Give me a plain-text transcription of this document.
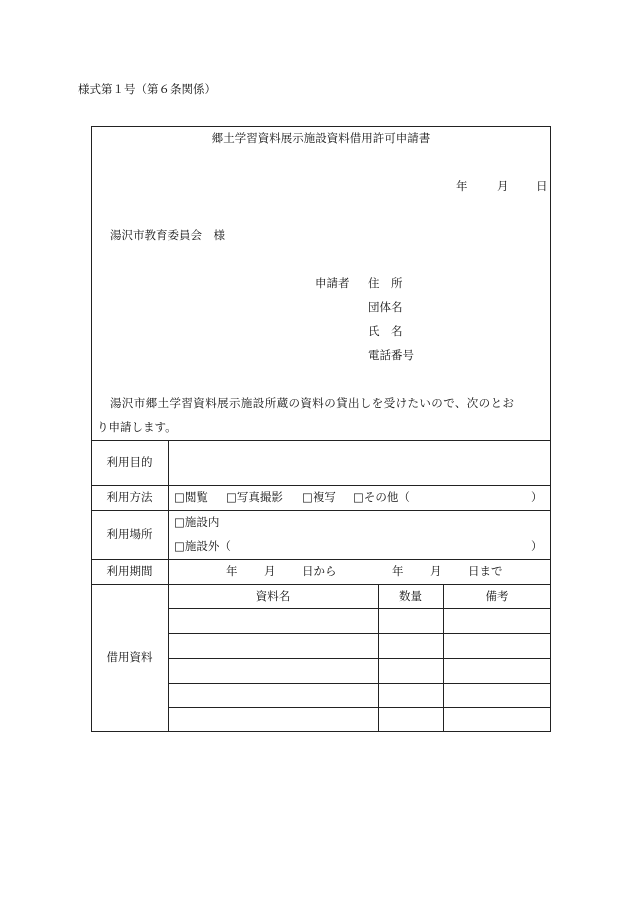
様式第１号（第６条関係）
郷土学習資料展示施設資料借用許可申請書
年	月 日
湯沢市教育委員会　様
申請者 住　所
団体名
氏　名
電話番号
湯沢市郷土学習資料展示施設所蔵の資料の貸出しを受けたいので、次のとお
り申請します。
利用目的
利用方法	□閲覧 □写真撮影 □複写 □その他（	）
利用場所
□施設内
□施設外（	）
利用期間	年 月 日から	年 月 日まで
借用資料
資料名	数量	備考
